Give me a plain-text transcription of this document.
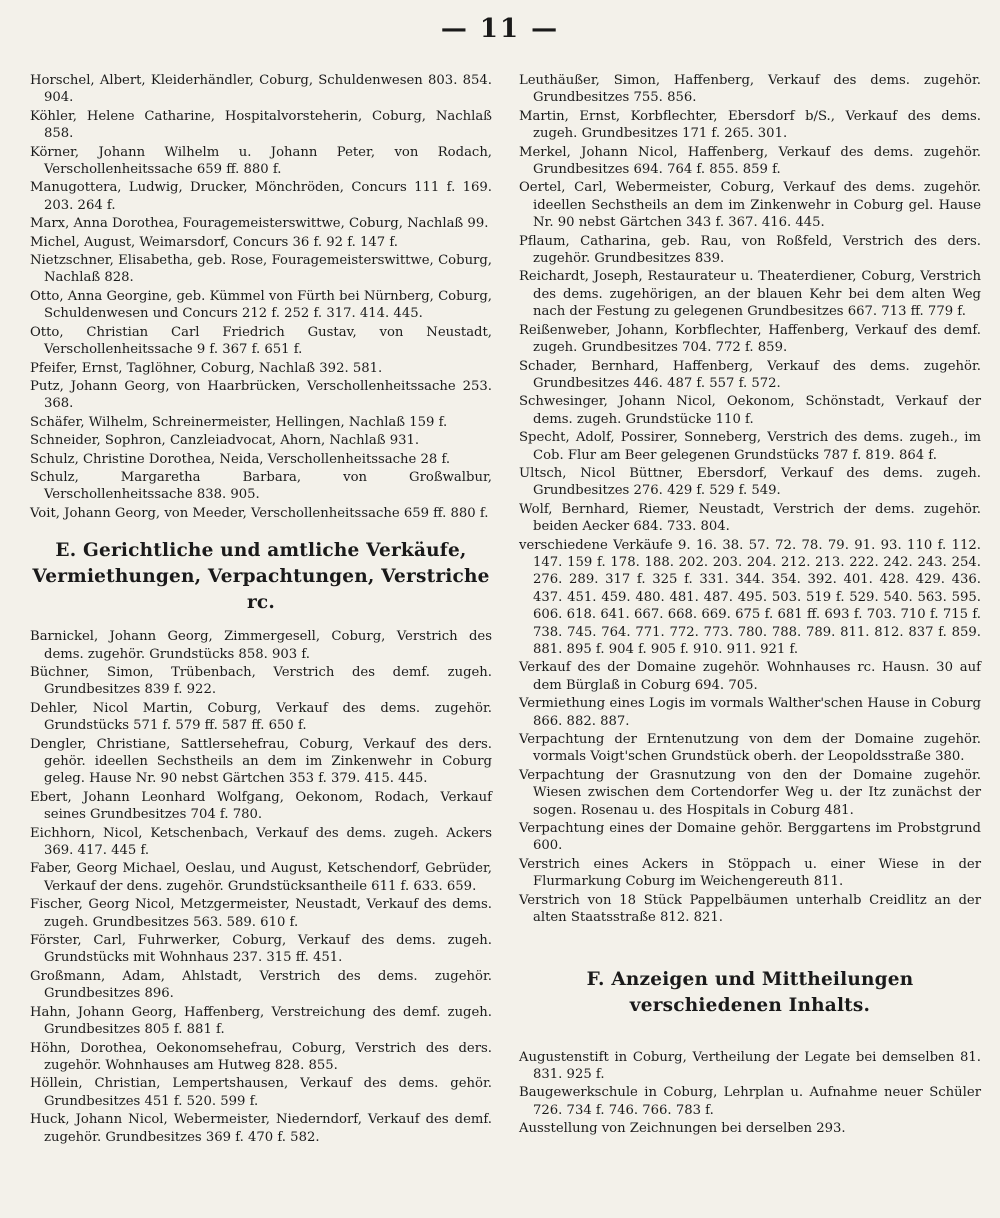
— 11 —
Horschel, Albert, Kleiderhändler, Coburg, Schuldenwesen 803. 854. 904.
Köhler, Helene Catharine, Hospitalvorsteherin, Coburg, Nachlaß 858.
Körner, Johann Wilhelm u. Johann Peter, von Rodach, Verschollenheitssache 659 ff. 880 f.
Manugottera, Ludwig, Drucker, Mönchröden, Concurs 111 f. 169. 203. 264 f.
Marx, Anna Dorothea, Fouragemeisterswittwe, Coburg, Nachlaß 99.
Michel, August, Weimarsdorf, Concurs 36 f. 92 f. 147 f.
Nietzschner, Elisabetha, geb. Rose, Fouragemeisterswittwe, Coburg, Nachlaß 828.
Otto, Anna Georgine, geb. Kümmel von Fürth bei Nürnberg, Coburg, Schuldenwesen und Concurs 212 f. 252 f. 317. 414. 445.
Otto, Christian Carl Friedrich Gustav, von Neustadt, Verschollenheitssache 9 f. 367 f. 651 f.
Pfeifer, Ernst, Taglöhner, Coburg, Nachlaß 392. 581.
Putz, Johann Georg, von Haarbrücken, Verschollenheitssache 253. 368.
Schäfer, Wilhelm, Schreinermeister, Hellingen, Nachlaß 159 f.
Schneider, Sophron, Canzleiadvocat, Ahorn, Nachlaß 931.
Schulz, Christine Dorothea, Neida, Verschollenheitssache 28 f.
Schulz, Margaretha Barbara, von Großwalbur, Verschollenheitssache 838. 905.
Voit, Johann Georg, von Meeder, Verschollenheitssache 659 ff. 880 f.
E. Gerichtliche und amtliche Verkäufe, Vermiethungen, Verpachtungen, Verstriche rc.
Barnickel, Johann Georg, Zimmergesell, Coburg, Verstrich des dems. zugehör. Grundstücks 858. 903 f.
Büchner, Simon, Trübenbach, Verstrich des demf. zugeh. Grundbesitzes 839 f. 922.
Dehler, Nicol Martin, Coburg, Verkauf des dems. zugehör. Grundstücks 571 f. 579 ff. 587 ff. 650 f.
Dengler, Christiane, Sattlersehefrau, Coburg, Verkauf des ders. gehör. ideellen Sechstheils an dem im Zinkenwehr in Coburg geleg. Hause Nr. 90 nebst Gärtchen 353 f. 379. 415. 445.
Ebert, Johann Leonhard Wolfgang, Oekonom, Rodach, Verkauf seines Grundbesitzes 704 f. 780.
Eichhorn, Nicol, Ketschenbach, Verkauf des dems. zugeh. Ackers 369. 417. 445 f.
Faber, Georg Michael, Oeslau, und August, Ketschendorf, Gebrüder, Verkauf der dens. zugehör. Grundstücksantheile 611 f. 633. 659.
Fischer, Georg Nicol, Metzgermeister, Neustadt, Verkauf des dems. zugeh. Grundbesitzes 563. 589. 610 f.
Förster, Carl, Fuhrwerker, Coburg, Verkauf des dems. zugeh. Grundstücks mit Wohnhaus 237. 315 ff. 451.
Großmann, Adam, Ahlstadt, Verstrich des dems. zugehör. Grundbesitzes 896.
Hahn, Johann Georg, Haffenberg, Verstreichung des demf. zugeh. Grundbesitzes 805 f. 881 f.
Höhn, Dorothea, Oekonomsehefrau, Coburg, Verstrich des ders. zugehör. Wohnhauses am Hutweg 828. 855.
Höllein, Christian, Lempertshausen, Verkauf des dems. gehör. Grundbesitzes 451 f. 520. 599 f.
Huck, Johann Nicol, Webermeister, Niederndorf, Verkauf des demf. zugehör. Grundbesitzes 369 f. 470 f. 582.
Leuthäußer, Simon, Haffenberg, Verkauf des dems. zugehör. Grundbesitzes 755. 856.
Martin, Ernst, Korbflechter, Ebersdorf b/S., Verkauf des dems. zugeh. Grundbesitzes 171 f. 265. 301.
Merkel, Johann Nicol, Haffenberg, Verkauf des dems. zugehör. Grundbesitzes 694. 764 f. 855. 859 f.
Oertel, Carl, Webermeister, Coburg, Verkauf des dems. zugehör. ideellen Sechstheils an dem im Zinkenwehr in Coburg gel. Hause Nr. 90 nebst Gärtchen 343 f. 367. 416. 445.
Pflaum, Catharina, geb. Rau, von Roßfeld, Verstrich des ders. zugehör. Grundbesitzes 839.
Reichardt, Joseph, Restaurateur u. Theaterdiener, Coburg, Verstrich des dems. zugehörigen, an der blauen Kehr bei dem alten Weg nach der Festung zu gelegenen Grundbesitzes 667. 713 ff. 779 f.
Reißenweber, Johann, Korbflechter, Haffenberg, Verkauf des demf. zugeh. Grundbesitzes 704. 772 f. 859.
Schader, Bernhard, Haffenberg, Verkauf des dems. zugehör. Grundbesitzes 446. 487 f. 557 f. 572.
Schwesinger, Johann Nicol, Oekonom, Schönstadt, Verkauf der dems. zugeh. Grundstücke 110 f.
Specht, Adolf, Possirer, Sonneberg, Verstrich des dems. zugeh., im Cob. Flur am Beer gelegenen Grundstücks 787 f. 819. 864 f.
Ultsch, Nicol Büttner, Ebersdorf, Verkauf des dems. zugeh. Grundbesitzes 276. 429 f. 529 f. 549.
Wolf, Bernhard, Riemer, Neustadt, Verstrich der dems. zugehör. beiden Aecker 684. 733. 804.
verschiedene Verkäufe 9. 16. 38. 57. 72. 78. 79. 91. 93. 110 f. 112. 147. 159 f. 178. 188. 202. 203. 204. 212. 213. 222. 242. 243. 254. 276. 289. 317 f. 325 f. 331. 344. 354. 392. 401. 428. 429. 436. 437. 451. 459. 480. 481. 487. 495. 503. 519 f. 529. 540. 563. 595. 606. 618. 641. 667. 668. 669. 675 f. 681 ff. 693 f. 703. 710 f. 715 f. 738. 745. 764. 771. 772. 773. 780. 788. 789. 811. 812. 837 f. 859. 881. 895 f. 904 f. 905 f. 910. 911. 921 f.
Verkauf des der Domaine zugehör. Wohnhauses rc. Hausn. 30 auf dem Bürglaß in Coburg 694. 705.
Vermiethung eines Logis im vormals Walther'schen Hause in Coburg 866. 882. 887.
Verpachtung der Erntenutzung von dem der Domaine zugehör. vormals Voigt'schen Grundstück oberh. der Leopoldsstraße 380.
Verpachtung der Grasnutzung von den der Domaine zugehör. Wiesen zwischen dem Cortendorfer Weg u. der Itz zunächst der sogen. Rosenau u. des Hospitals in Coburg 481.
Verpachtung eines der Domaine gehör. Berggartens im Probstgrund 600.
Verstrich eines Ackers in Stöppach u. einer Wiese in der Flurmarkung Coburg im Weichengereuth 811.
Verstrich von 18 Stück Pappelbäumen unterhalb Creidlitz an der alten Staatsstraße 812. 821.
F. Anzeigen und Mittheilungen verschiedenen Inhalts.
Augustenstift in Coburg, Vertheilung der Legate bei demselben 81. 831. 925 f.
Baugewerkschule in Coburg, Lehrplan u. Aufnahme neuer Schüler 726. 734 f. 746. 766. 783 f.
Ausstellung von Zeichnungen bei derselben 293.
